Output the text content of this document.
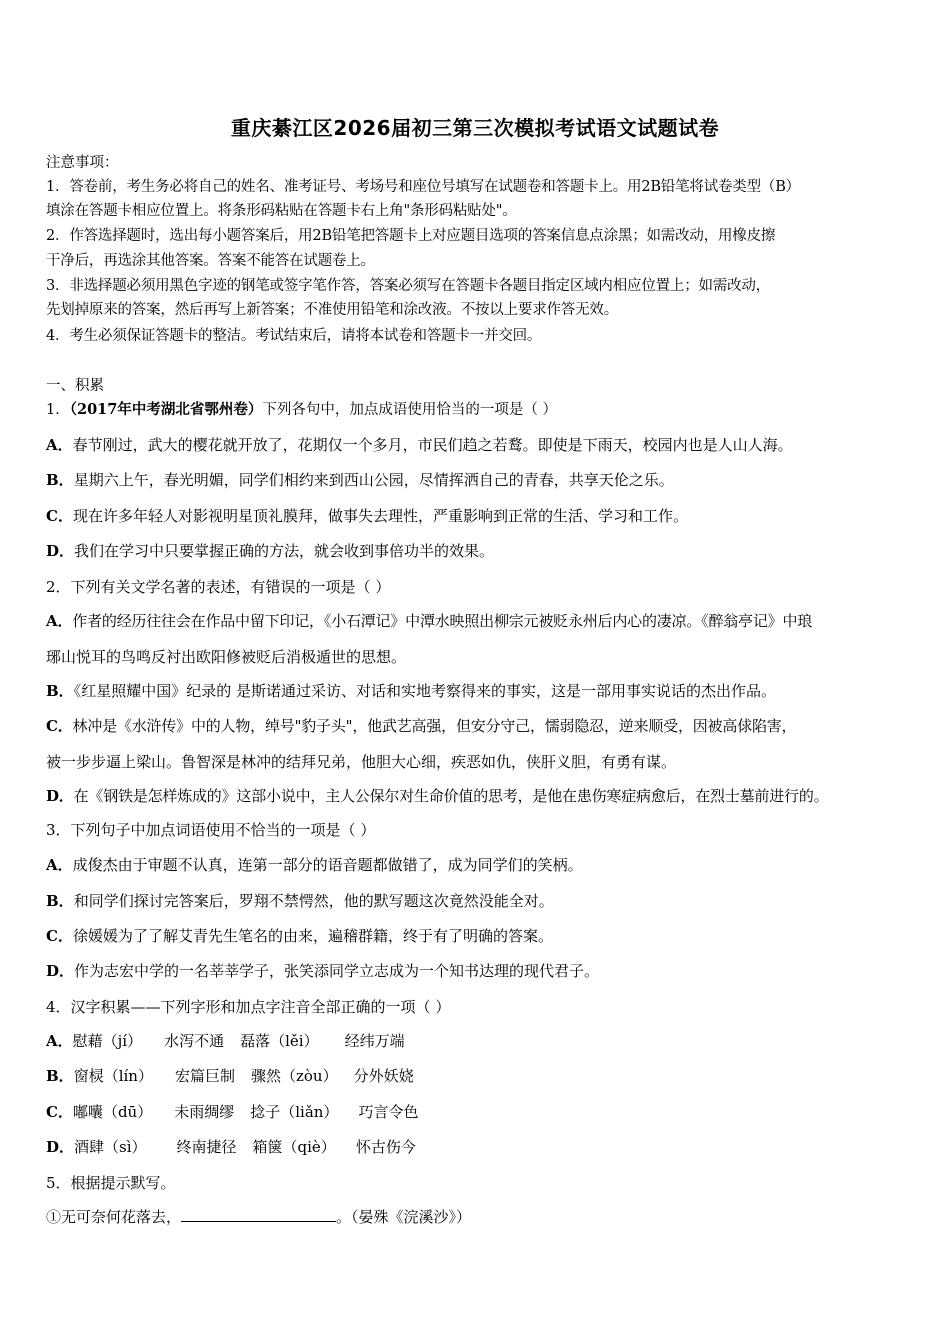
重庆綦江区2026届初三第三次模拟考试语文试题试卷
注意事项：
1．答卷前，考生务必将自己的姓名、准考证号、考场号和座位号填写在试题卷和答题卡上。用2B铅笔将试卷类型（B）
填涂在答题卡相应位置上。将条形码粘贴在答题卡右上角"条形码粘贴处"。
2．作答选择题时，选出每小题答案后，用2B铅笔把答题卡上对应题目选项的答案信息点涂黑；如需改动，用橡皮擦
干净后，再选涂其他答案。答案不能答在试题卷上。
3．非选择题必须用黑色字迹的钢笔或签字笔作答，答案必须写在答题卡各题目指定区域内相应位置上；如需改动，
先划掉原来的答案，然后再写上新答案；不准使用铅笔和涂改液。不按以上要求作答无效。
4．考生必须保证答题卡的整洁。考试结束后，请将本试卷和答题卡一并交回。
一、积累
1．（2017年中考湖北省鄂州卷）下列各句中，加点成语使用恰当的一项是（ ）
A．春节刚过，武大的樱花就开放了，花期仅一个多月，市民们趋之若鹜。即使是下雨天，校园内也是人山人海。
B．星期六上午，春光明媚，同学们相约来到西山公园，尽情挥洒自己的青春，共享天伦之乐。
C．现在许多年轻人对影视明星顶礼膜拜，做事失去理性，严重影响到正常的生活、学习和工作。
D．我们在学习中只要掌握正确的方法，就会收到事倍功半的效果。
2．下列有关文学名著的表述，有错误的一项是（ ）
A．作者的经历往往会在作品中留下印记，《小石潭记》中潭水映照出柳宗元被贬永州后内心的凄凉。《醉翁亭记》中琅
琊山悦耳的鸟鸣反衬出欧阳修被贬后消极遁世的思想。
B．《红星照耀中国》纪录的 是斯诺通过采访、对话和实地考察得来的事实，这是一部用事实说话的杰出作品。
C．林冲是《水浒传》中的人物，绰号"豹子头"，他武艺高强，但安分守己，懦弱隐忍，逆来顺受，因被高俅陷害，
被一步步逼上梁山。鲁智深是林冲的结拜兄弟，他胆大心细，疾恶如仇，侠肝义胆，有勇有谋。
D．在《钢铁是怎样炼成的》这部小说中，主人公保尔对生命价值的思考，是他在患伤寒症病愈后，在烈士墓前进行的。
3．下列句子中加点词语使用不恰当的一项是（ ）
A．成俊杰由于审题不认真，连第一部分的语音题都做错了，成为同学们的笑柄。
B．和同学们探讨完答案后，罗翔不禁愕然，他的默写题这次竟然没能全对。
C．徐媛媛为了了解艾青先生笔名的由来，遍稽群籍，终于有了明确的答案。
D．作为志宏中学的一名莘莘学子，张笑添同学立志成为一个知书达理的现代君子。
4．汉字积累——下列字形和加点字注音全部正确的一项（ ）
A．慰藉（jí） 水泻不通 磊落（lěi） 经纬万端
B．窗棂（lín） 宏篇巨制 骤然（zòu） 分外妖娆
C．嘟囔（dū） 未雨绸缪 捻子（liǎn） 巧言令色
D．酒肆（sì） 终南捷径 箱箧（qiè） 怀古伤今
5．根据提示默写。
①无可奈何花落去，	。（晏殊《浣溪沙》）
